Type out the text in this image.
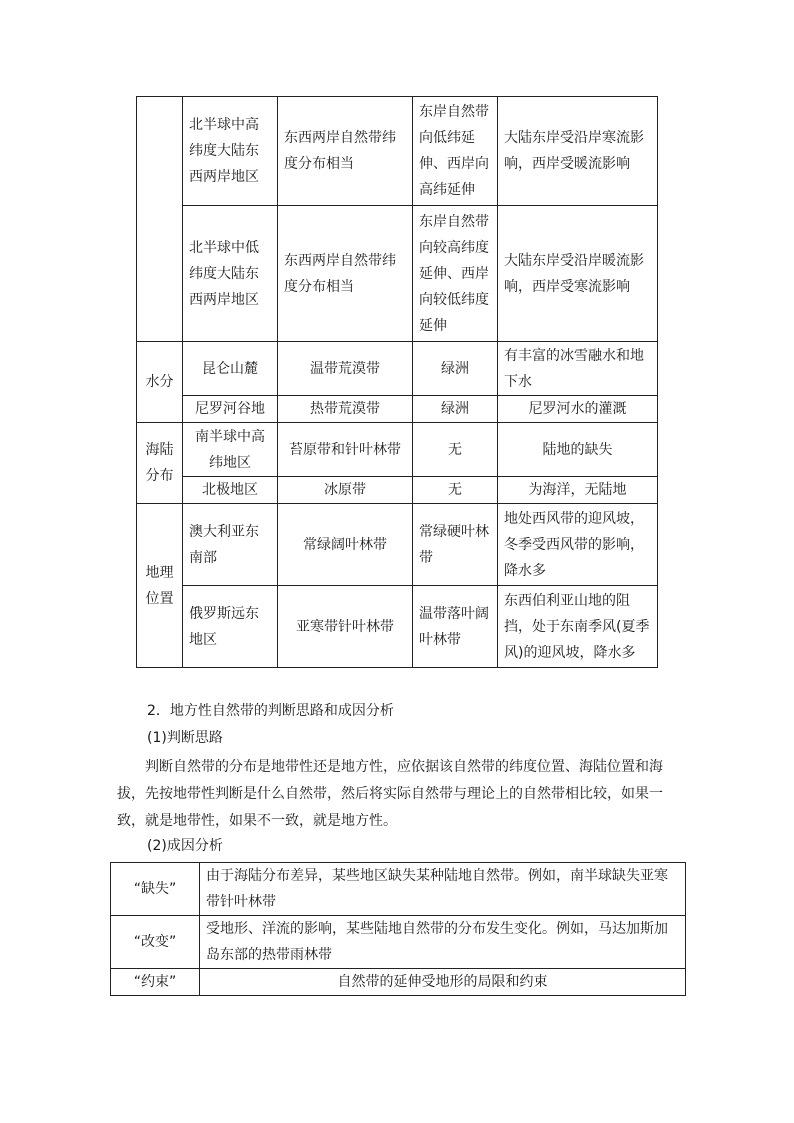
	北半球中高纬度大陆东西两岸地区	东西两岸自然带纬度分布相当	东岸自然带向低纬延伸、西岸向高纬延伸	大陆东岸受沿岸寒流影响，西岸受暖流影响
	北半球中低纬度大陆东西两岸地区	东西两岸自然带纬度分布相当	东岸自然带向较高纬度延伸、西岸向较低纬度延伸	大陆东岸受沿岸暖流影响，西岸受寒流影响
水分	昆仑山麓	温带荒漠带	绿洲	有丰富的冰雪融水和地下水
	尼罗河谷地	热带荒漠带	绿洲	尼罗河水的灌溉
海陆分布	南半球中高纬地区	苔原带和针叶林带	无	陆地的缺失
	北极地区	冰原带	无	为海洋，无陆地
地理位置	澳大利亚东南部	常绿阔叶林带	常绿硬叶林带	地处西风带的迎风坡，冬季受西风带的影响，降水多
	俄罗斯远东地区	亚寒带针叶林带	温带落叶阔叶林带	东西伯利亚山地的阻挡，处于东南季风(夏季风)的迎风坡，降水多
2．地方性自然带的判断思路和成因分析
(1)判断思路
判断自然带的分布是地带性还是地方性，应依据该自然带的纬度位置、海陆位置和海拔，先按地带性判断是什么自然带，然后将实际自然带与理论上的自然带相比较，如果一致，就是地带性，如果不一致，就是地方性。
(2)成因分析
“缺失”	由于海陆分布差异，某些地区缺失某种陆地自然带。例如，南半球缺失亚寒带针叶林带
“改变”	受地形、洋流的影响，某些陆地自然带的分布发生变化。例如，马达加斯加岛东部的热带雨林带
“约束”	自然带的延伸受地形的局限和约束
